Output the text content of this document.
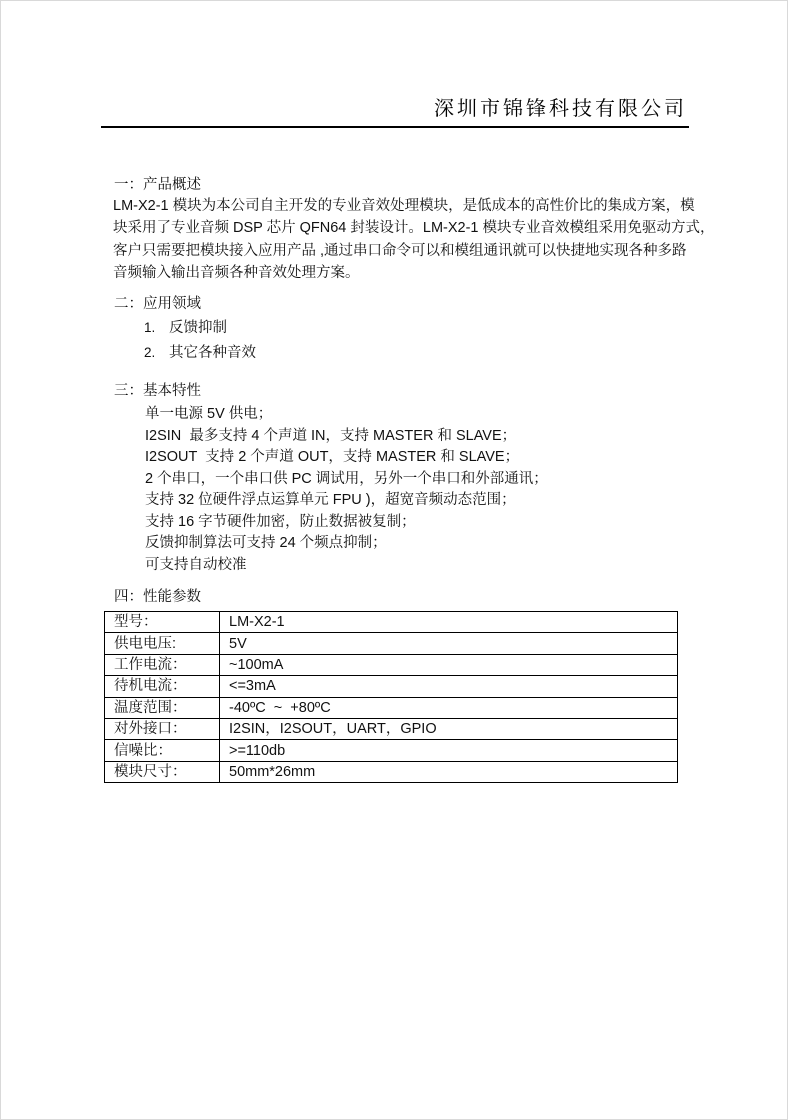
深圳市锦锋科技有限公司
一：产品概述
LM-X2-1 模块为本公司自主开发的专业音效处理模块，是低成本的高性价比的集成方案，模
块采用了专业音频 DSP 芯片 QFN64 封装设计。LM-X2-1 模块专业音效模组采用免驱动方式，
客户只需要把模块接入应用产品 ,通过串口命令可以和模组通讯就可以快捷地实现各种多路
音频输入输出音频各种音效处理方案。
二：应用领域
1. 反馈抑制
2. 其它各种音效
三：基本特性
单一电源 5V 供电；
I2SIN  最多支持 4 个声道 IN，支持 MASTER 和 SLAVE；
I2SOUT  支持 2 个声道 OUT，支持 MASTER 和 SLAVE；
2 个串口，一个串口供 PC 调试用，另外一个串口和外部通讯；
支持 32 位硬件浮点运算单元 FPU )，超宽音频动态范围；
支持 16 字节硬件加密，防止数据被复制；
反馈抑制算法可支持 24 个频点抑制；
可支持自动校准
四：性能参数
型号：	LM-X2-1
供电电压:	5V
工作电流：	~100mA
待机电流：	<=3mA
温度范围：	-40ºC  ~  +80ºC
对外接口：	I2SIN，I2SOUT，UART，GPIO
信噪比：	>=110db
模块尺寸：	50mm*26mm
